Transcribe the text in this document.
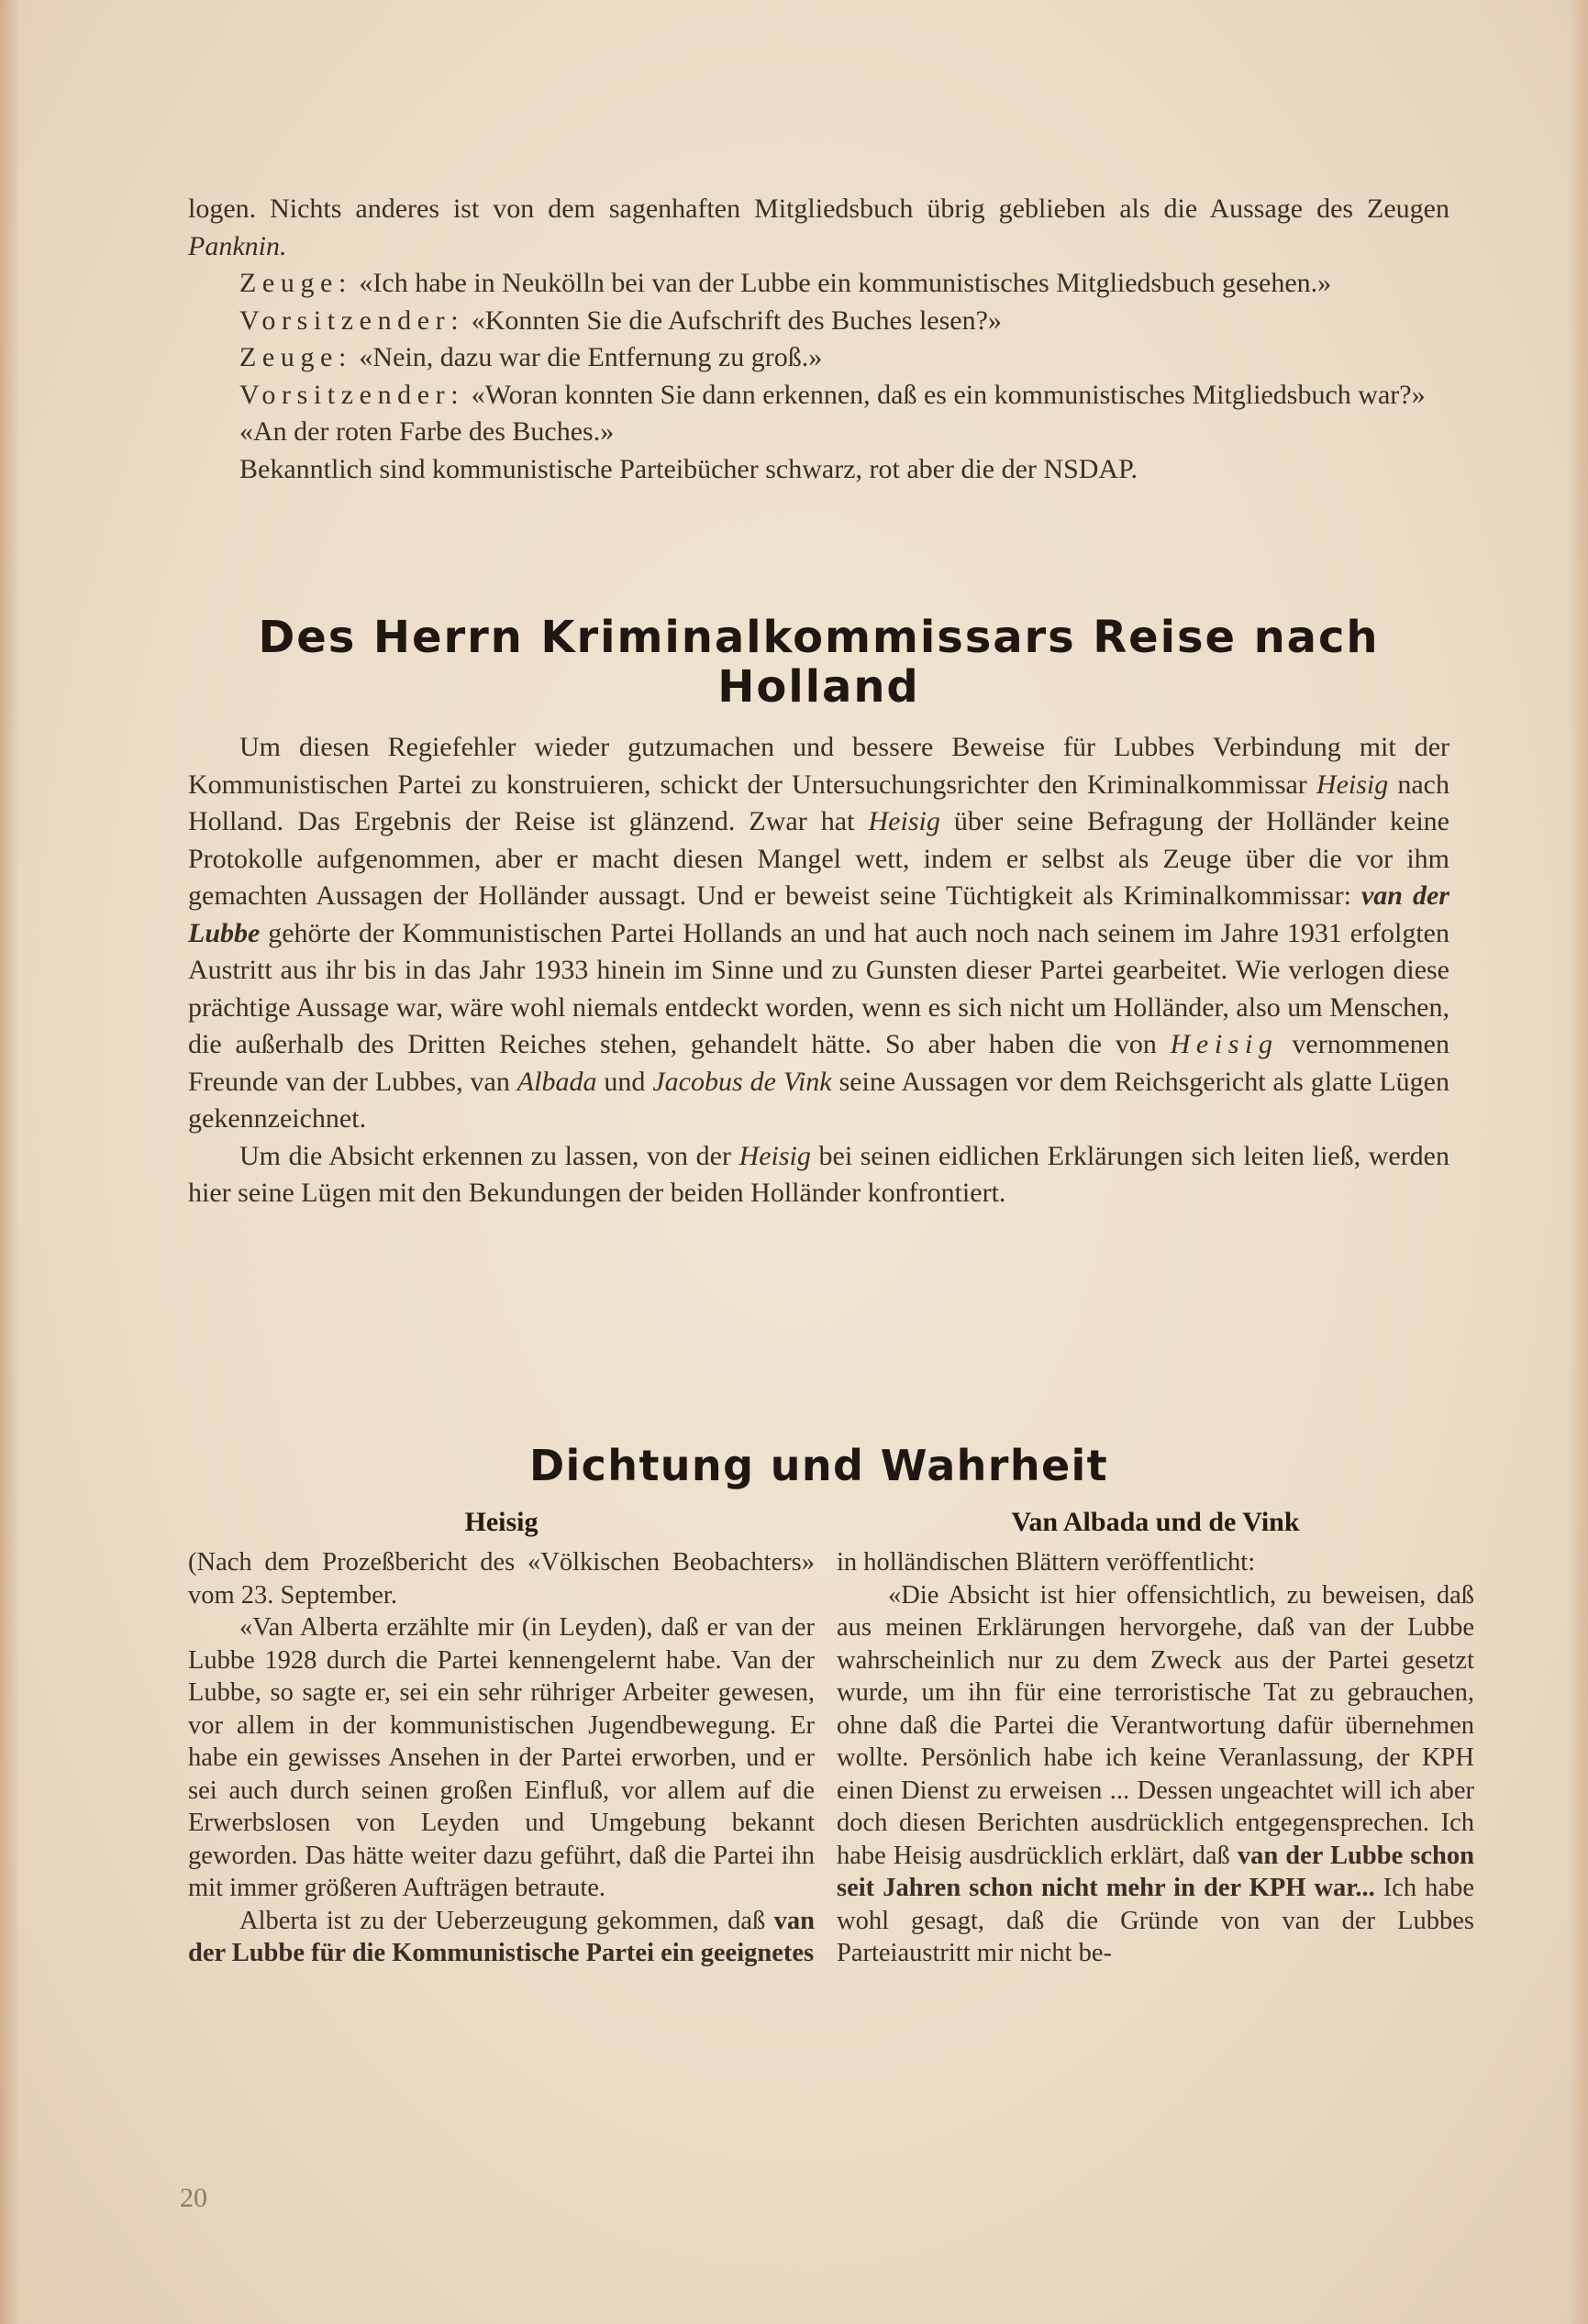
logen. Nichts anderes ist von dem sagenhaften Mitgliedsbuch übrig geblieben als die Aussage des Zeugen Panknin.

Zeuge: «Ich habe in Neukölln bei van der Lubbe ein kommunistisches Mitgliedsbuch gesehen.»

Vorsitzender: «Konnten Sie die Aufschrift des Buches lesen?»

Zeuge: «Nein, dazu war die Entfernung zu groß.»

Vorsitzender: «Woran konnten Sie dann erkennen, daß es ein kommunistisches Mitgliedsbuch war?»

«An der roten Farbe des Buches.»

Bekanntlich sind kommunistische Parteibücher schwarz, rot aber die der NSDAP.

Des Herrn Kriminalkommissars Reise nach Holland

Um diesen Regiefehler wieder gutzumachen und bessere Beweise für Lubbes Verbindung mit der Kommunistischen Partei zu konstruieren, schickt der Untersuchungsrichter den Kriminalkommissar Heisig nach Holland. Das Ergebnis der Reise ist glänzend. Zwar hat Heisig über seine Befragung der Holländer keine Protokolle aufgenommen, aber er macht diesen Mangel wett, indem er selbst als Zeuge über die vor ihm gemachten Aussagen der Holländer aussagt. Und er beweist seine Tüchtigkeit als Kriminalkommissar: van der Lubbe gehörte der Kommunistischen Partei Hollands an und hat auch noch nach seinem im Jahre 1931 erfolgten Austritt aus ihr bis in das Jahr 1933 hinein im Sinne und zu Gunsten dieser Partei gearbeitet. Wie verlogen diese prächtige Aussage war, wäre wohl niemals entdeckt worden, wenn es sich nicht um Holländer, also um Menschen, die außerhalb des Dritten Reiches stehen, gehandelt hätte. So aber haben die von Heisig vernommenen Freunde van der Lubbes, van Albada und Jacobus de Vink seine Aussagen vor dem Reichsgericht als glatte Lügen gekennzeichnet.

Um die Absicht erkennen zu lassen, von der Heisig bei seinen eidlichen Erklärungen sich leiten ließ, werden hier seine Lügen mit den Bekundungen der beiden Holländer konfrontiert.

Dichtung und Wahrheit

Heisig

(Nach dem Prozeßbericht des «Völkischen Beobachters» vom 23. September.

«Van Alberta erzählte mir (in Leyden), daß er van der Lubbe 1928 durch die Partei kennengelernt habe. Van der Lubbe, so sagte er, sei ein sehr rühriger Arbeiter gewesen, vor allem in der kommunistischen Jugendbewegung. Er habe ein gewisses Ansehen in der Partei erworben, und er sei auch durch seinen großen Einfluß, vor allem auf die Erwerbslosen von Leyden und Umgebung bekannt geworden. Das hätte weiter dazu geführt, daß die Partei ihn mit immer größeren Aufträgen betraute.

Alberta ist zu der Ueberzeugung gekommen, daß van der Lubbe für die Kommunistische Partei ein geeignetes

Van Albada und de Vink

in holländischen Blättern veröffentlicht:

«Die Absicht ist hier offensichtlich, zu beweisen, daß aus meinen Erklärungen hervorgehe, daß van der Lubbe wahrscheinlich nur zu dem Zweck aus der Partei gesetzt wurde, um ihn für eine terroristische Tat zu gebrauchen, ohne daß die Partei die Verantwortung dafür übernehmen wollte. Persönlich habe ich keine Veranlassung, der KPH einen Dienst zu erweisen ... Dessen ungeachtet will ich aber doch diesen Berichten ausdrücklich entgegensprechen. Ich habe Heisig ausdrücklich erklärt, daß van der Lubbe schon seit Jahren schon nicht mehr in der KPH war... Ich habe wohl gesagt, daß die Gründe von van der Lubbes Parteiaustritt mir nicht be-

20
